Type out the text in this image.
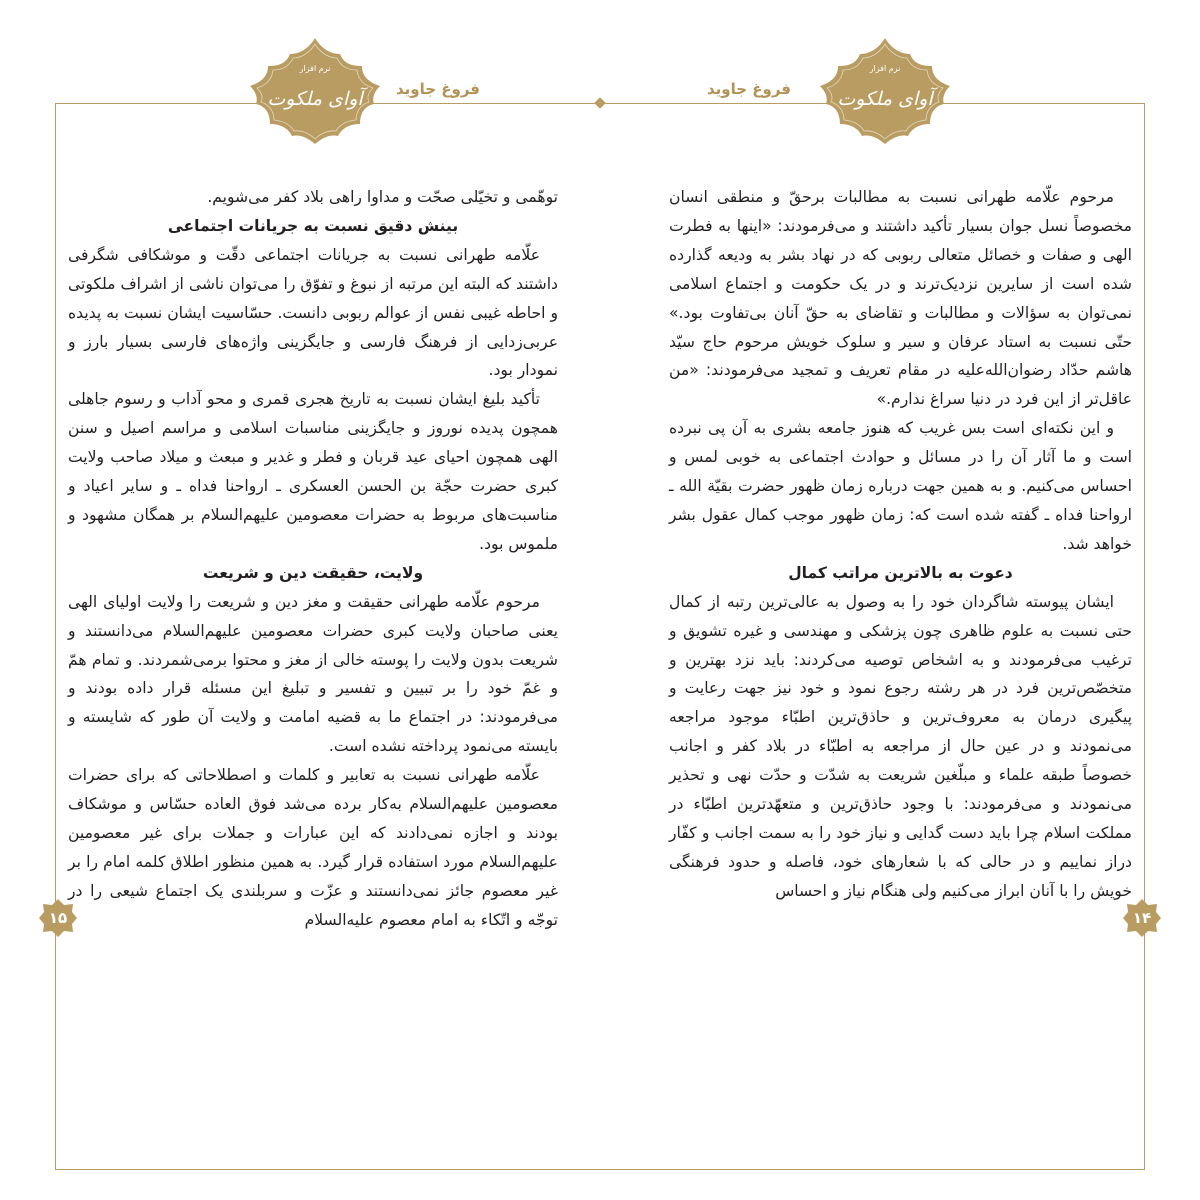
فروغ جاوید
نرم افزار
آوای ملکوت

مرحوم علّامه طهرانی نسبت به مطالبات برحقّ و منطقی انسان مخصوصاً نسل جوان بسیار تأکید داشتند و می‌فرمودند: «اینها به فطرت الهی و صفات و خصائل متعالی ربوبی که در نهاد بشر به ودیعه گذارده شده است از سایرین نزدیک‌ترند و در یک حکومت و اجتماع اسلامی نمی‌توان به سؤالات و مطالبات و تقاضای به حقّ آنان بی‌تفاوت بود.» حتّی نسبت به استاد عرفان و سیر و سلوک خویش مرحوم حاج سیّد هاشم حدّاد رضوان‌الله‌علیه در مقام تعریف و تمجید می‌فرمودند: «من عاقل‌تر از این فرد در دنیا سراغ ندارم.»

و این نکته‌ای است بس غریب که هنوز جامعه بشری به آن پی نبرده است و ما آثار آن را در مسائل و حوادث اجتماعی به خوبی لمس و احساس می‌کنیم. و به همین جهت درباره زمان ظهور حضرت بقیّة الله ـ ارواحنا فداه ـ گفته شده است که: زمان ظهور موجب کمال عقول بشر خواهد شد.

دعوت به بالاترین مراتب کمال

ایشان پیوسته شاگردان خود را به وصول به عالی‌ترین رتبه از کمال حتی نسبت به علوم ظاهری چون پزشکی و مهندسی و غیره تشویق و ترغیب می‌فرمودند و به اشخاص توصیه می‌کردند: باید نزد بهترین و متخصّص‌ترین فرد در هر رشته رجوع نمود و خود نیز جهت رعایت و پیگیری درمان به معروف‌ترین و حاذق‌ترین اطبّاء موجود مراجعه می‌نمودند و در عین حال از مراجعه به اطبّاء در بلاد کفر و اجانب خصوصاً طبقه علماء و مبلّغین شریعت به شدّت و حدّت نهی و تحذیر می‌نمودند و می‌فرمودند: با وجود حاذق‌ترین و متعهّدترین اطبّاء در مملکت اسلام چرا باید دست گدایی و نیاز خود را به سمت اجانب و کفّار دراز نماییم و در حالی که با شعارهای خود، فاصله و حدود فرهنگی خویش را با آنان ابراز می‌کنیم ولی هنگام نیاز و احساس

۱۴
فروغ جاوید
نرم افزار
آوای ملکوت

توهّمی و تخیّلی صحّت و مداوا راهی بلاد کفر می‌شویم.

بینش دقیق نسبت به جریانات اجتماعی

علّامه طهرانی نسبت به جریانات اجتماعی دقّت و موشکافی شگرفی داشتند که البته این مرتبه از نبوغ و تفوّق را می‌توان ناشی از اشراف ملکوتی و احاطه غیبی نفس از عوالم ربوبی دانست. حسّاسیت ایشان نسبت به پدیده عربی‌زدایی از فرهنگ فارسی و جایگزینی واژه‌های فارسی بسیار بارز و نمودار بود.

تأکید بلیغ ایشان نسبت به تاریخ هجری قمری و محو آداب و رسوم جاهلی همچون پدیده نوروز و جایگزینی مناسبات اسلامی و مراسم اصیل و سنن الهی همچون احیای عید قربان و فطر و غدیر و مبعث و میلاد صاحب ولایت کبری حضرت حجّة بن الحسن العسکری ـ ارواحنا فداه ـ و سایر اعیاد و مناسبت‌های مربوط به حضرات معصومین علیهم‌السلام بر همگان مشهود و ملموس بود.

ولایت، حقیقت دین و شریعت

مرحوم علّامه طهرانی حقیقت و مغز دین و شریعت را ولایت اولیای الهی یعنی صاحبان ولایت کبری حضرات معصومین علیهم‌السلام می‌دانستند و شریعت بدون ولایت را پوسته خالی از مغز و محتوا برمی‌شمردند. و تمام همّ و غمّ خود را بر تبیین و تفسیر و تبلیغ این مسئله قرار داده بودند و می‌فرمودند: در اجتماع ما به قضیه امامت و ولایت آن طور که شایسته و بایسته می‌نمود پرداخته نشده است.

علّامه طهرانی نسبت به تعابیر و کلمات و اصطلاحاتی که برای حضرات معصومین علیهم‌السلام به‌کار برده می‌شد فوق العاده حسّاس و موشکاف بودند و اجازه نمی‌دادند که این عبارات و جملات برای غیر معصومین علیهم‌السلام مورد استفاده قرار گیرد. به همین منظور اطلاق کلمه امام را بر غیر معصوم جائز نمی‌دانستند و عزّت و سربلندی یک اجتماع شیعی را در توجّه و اتّکاء به امام معصوم علیه‌السلام

۱۵
